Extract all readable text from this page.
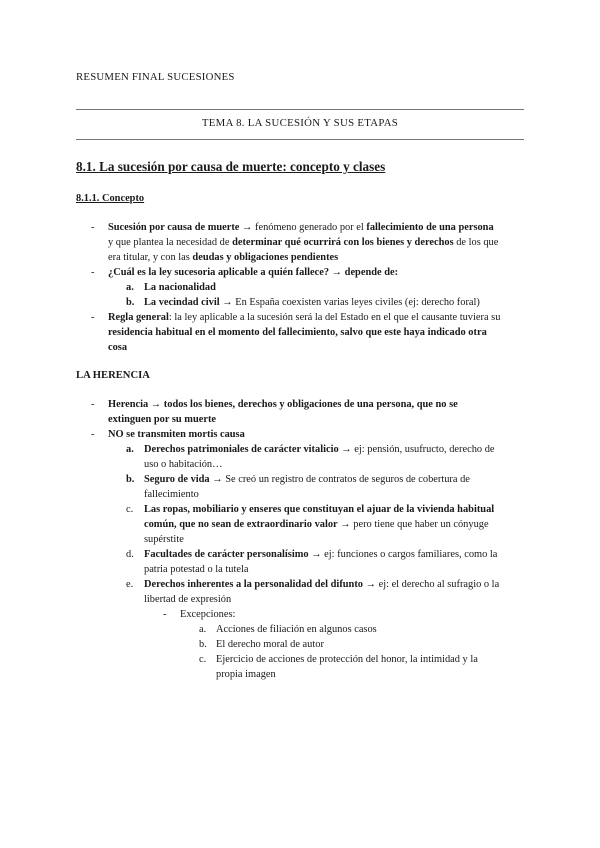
RESUMEN FINAL SUCESIONES
TEMA 8. LA SUCESIÓN Y SUS ETAPAS
8.1. La sucesión por causa de muerte: concepto y clases
8.1.1. Concepto
- Sucesión por causa de muerte → fenómeno generado por el fallecimiento de una persona
y que plantea la necesidad de determinar qué ocurrirá con los bienes y derechos de los que
era titular, y con las deudas y obligaciones pendientes
- ¿Cuál es la ley sucesoria aplicable a quién fallece? → depende de:
a. La nacionalidad
b. La vecindad civil → En España coexisten varias leyes civiles (ej: derecho foral)
- Regla general: la ley aplicable a la sucesión será la del Estado en el que el causante tuviera su
residencia habitual en el momento del fallecimiento, salvo que este haya indicado otra
cosa
LA HERENCIA
- Herencia → todos los bienes, derechos y obligaciones de una persona, que no se
extinguen por su muerte
- NO se transmiten mortis causa
a. Derechos patrimoniales de carácter vitalicio → ej: pensión, usufructo, derecho de
uso o habitación…
b. Seguro de vida → Se creó un registro de contratos de seguros de cobertura de
fallecimiento
c. Las ropas, mobiliario y enseres que constituyan el ajuar de la vivienda habitual
común, que no sean de extraordinario valor → pero tiene que haber un cónyuge
supérstite
d. Facultades de carácter personalísimo → ej: funciones o cargos familiares, como la
patria potestad o la tutela
e. Derechos inherentes a la personalidad del difunto → ej: el derecho al sufragio o la
libertad de expresión
- Excepciones:
a. Acciones de filiación en algunos casos
b. El derecho moral de autor
c. Ejercicio de acciones de protección del honor, la intimidad y la
propia imagen
